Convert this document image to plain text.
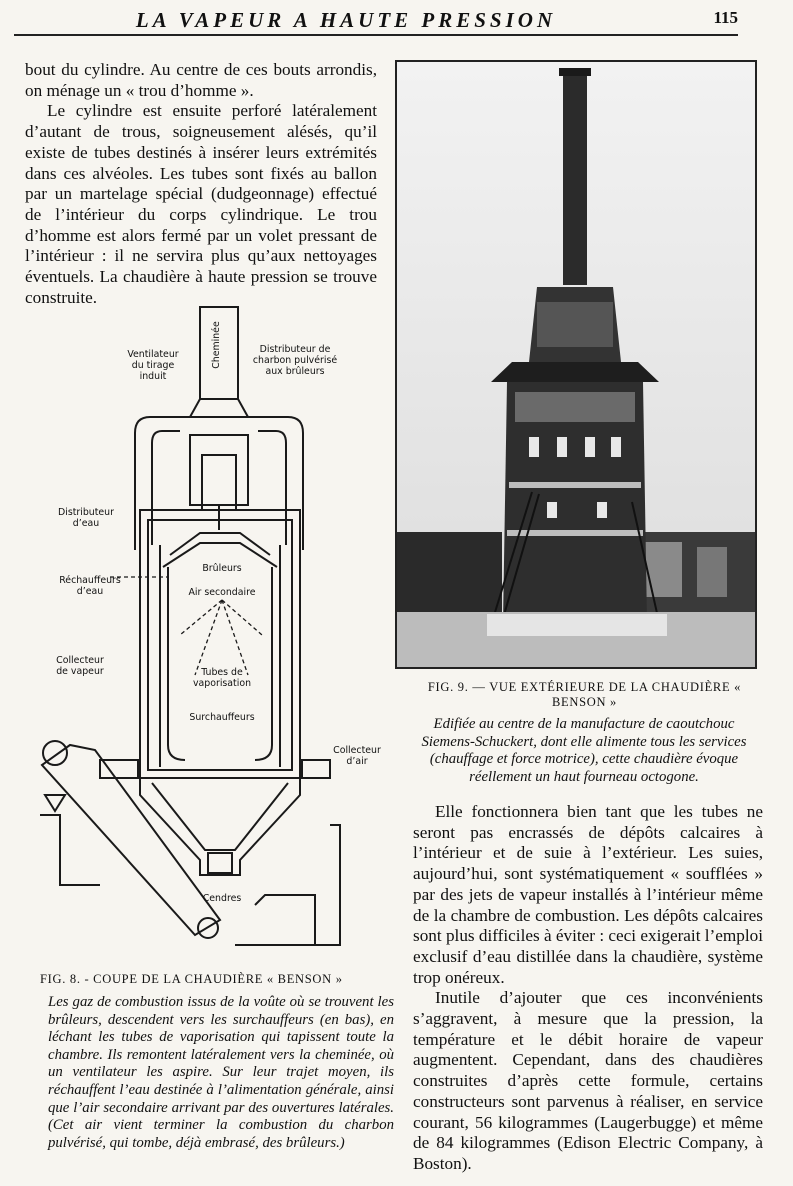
LA VAPEUR A HAUTE PRESSION	115

bout du cylindre. Au centre de ces bouts arrondis, on ménage un « trou d’homme ».

Le cylindre est ensuite perforé latéralement d’autant de trous, soigneusement alésés, qu’il existe de tubes destinés à insérer leurs extrémités dans ces alvéoles. Les tubes sont fixés au ballon par un martelage spécial (dudgeonnage) effectué de l’intérieur du corps cylindrique. Le trou d’homme est alors fermé par un volet pressant de l’intérieur : il ne servira plus qu’aux nettoyages éventuels. La chaudière à haute pression se trouve construite.

Cheminée
Ventilateur
du tirage
induit
Distributeur de
charbon pulvérisé
aux brûleurs
Distributeur
d’eau
Réchauffeurs
d’eau
Brûleurs
Air secondaire
Collecteur
de vapeur	Tubes de
vaporisation
Surchauffeurs
Collecteur
d’air
Cendres
FIG. 8. - COUPE DE LA CHAUDIÈRE « BENSON »
Les gaz de combustion issus de la voûte où se trouvent les brûleurs, descendent vers les surchauffeurs (en bas), en léchant les tubes de vaporisation qui tapissent toute la chambre. Ils remontent latéralement vers la cheminée, où un ventilateur les aspire. Sur leur trajet moyen, ils réchauffent l’eau destinée à l’alimentation générale, ainsi que l’air secondaire arrivant par des ouvertures latérales. (Cet air vient terminer la combustion du charbon pulvérisé, qui tombe, déjà embrasé, des brûleurs.)
FIG. 9. — VUE EXTÉRIEURE DE LA CHAUDIÈRE « BENSON »
Edifiée au centre de la manufacture de caoutchouc Siemens-Schuckert, dont elle alimente tous les services (chauffage et force motrice), cette chaudière évoque réellement un haut fourneau octogone.

Elle fonctionnera bien tant que les tubes ne seront pas encrassés de dépôts calcaires à l’intérieur et de suie à l’extérieur. Les suies, aujourd’hui, sont systématiquement « soufflées » par des jets de vapeur installés à l’intérieur même de la chambre de combustion. Les dépôts calcaires sont plus difficiles à éviter : ceci exigerait l’emploi exclusif d’eau distillée dans la chaudière, système trop onéreux.

Inutile d’ajouter que ces inconvénients s’aggravent, à mesure que la pression, la température et le débit horaire de vapeur augmentent. Cependant, dans des chaudières construites d’après cette formule, certains constructeurs sont parvenus à réaliser, en service courant, 56 kilogrammes (Laugerbugge) et même de 84 kilogrammes (Edison Electric Company, à Boston).
